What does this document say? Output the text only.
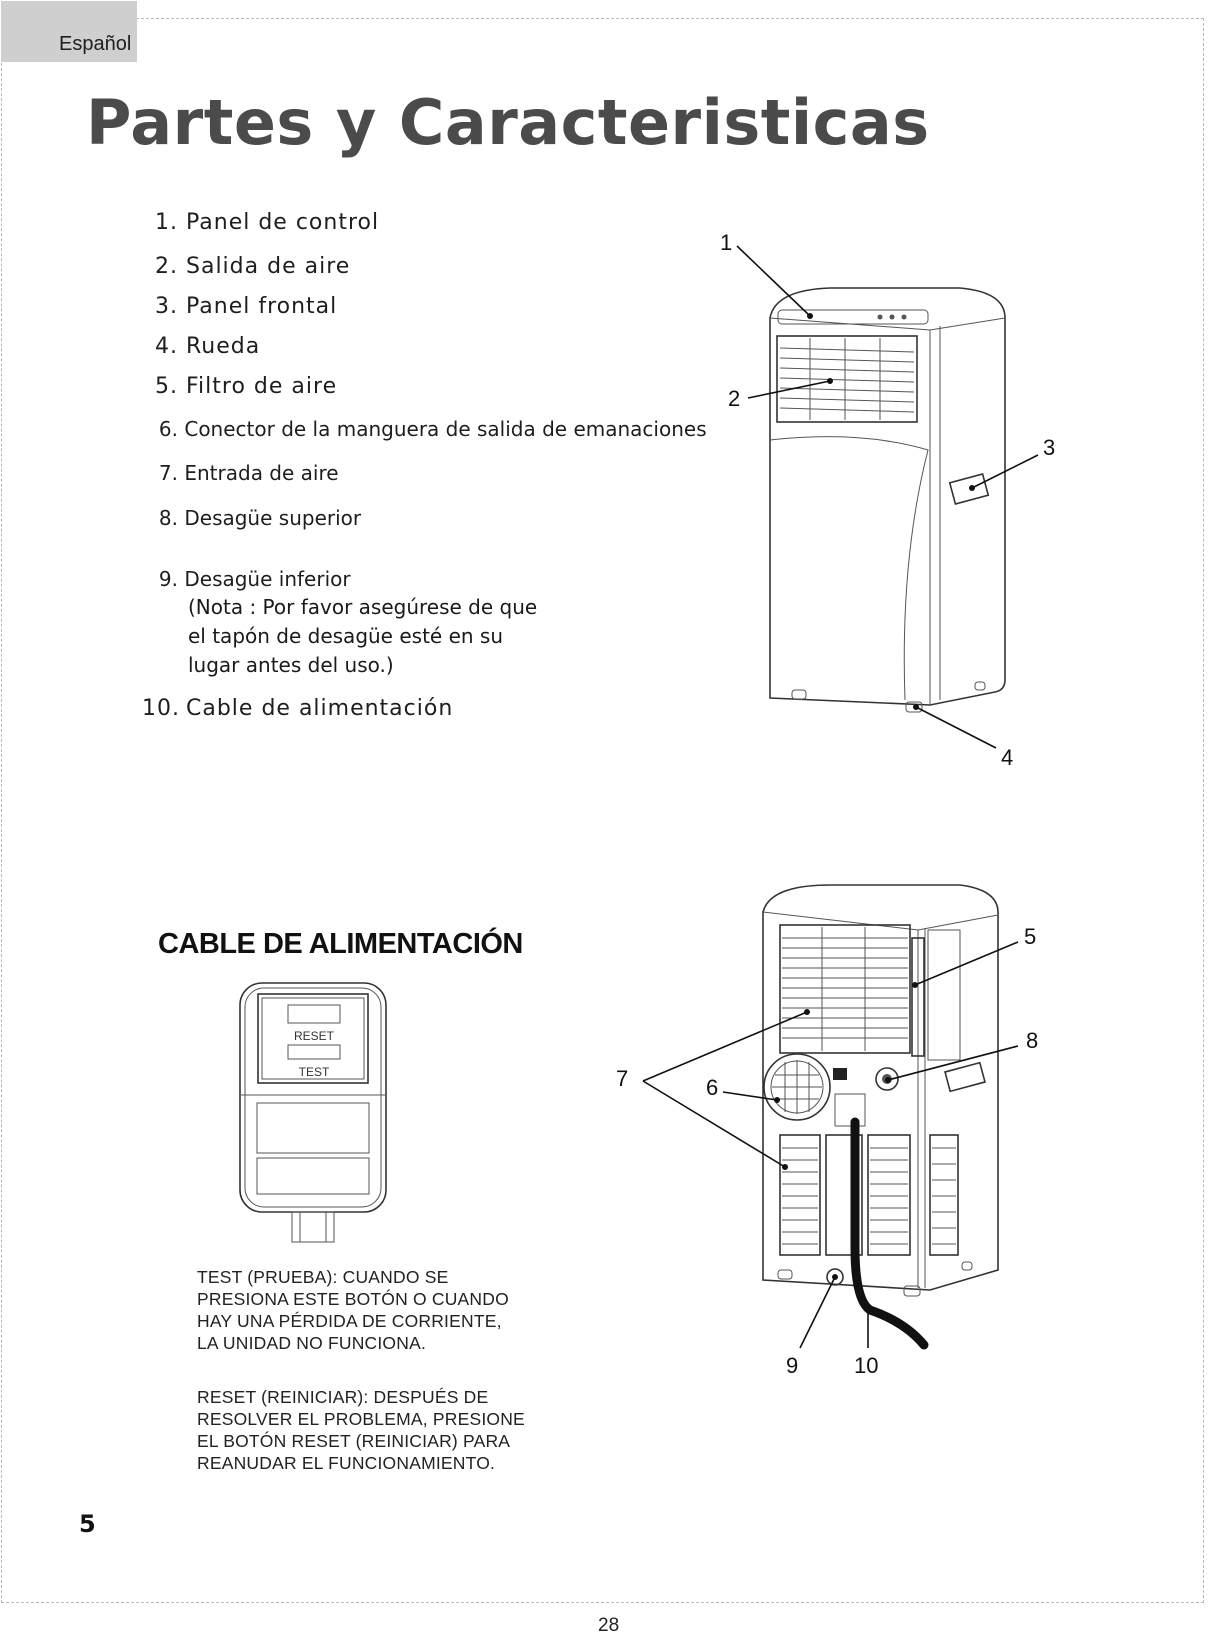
Español
Partes y Caracteristicas
1. Panel de control
2. Salida de aire
3. Panel frontal
4. Rueda
5. Filtro de aire
6. Conector de la manguera de salida de emanaciones
7. Entrada de aire
8. Desagüe superior
9. Desagüe inferior
10. Cable de alimentación
(Nota : Por favor asegúrese de que
el tapón de desagüe esté en su
lugar antes del uso.)
1
2
3
4
5
6
7
8
9	10
CABLE DE ALIMENTACIÓN
RESET
TEST

TEST (PRUEBA): CUANDO SE PRESIONA ESTE BOTÓN O CUANDO HAY UNA PÉRDIDA DE CORRIENTE, LA UNIDAD NO FUNCIONA.

RESET (REINICIAR): DESPUÉS DE RESOLVER EL PROBLEMA, PRESIONE EL BOTÓN RESET (REINICIAR) PARA REANUDAR EL FUNCIONAMIENTO.

5
28
